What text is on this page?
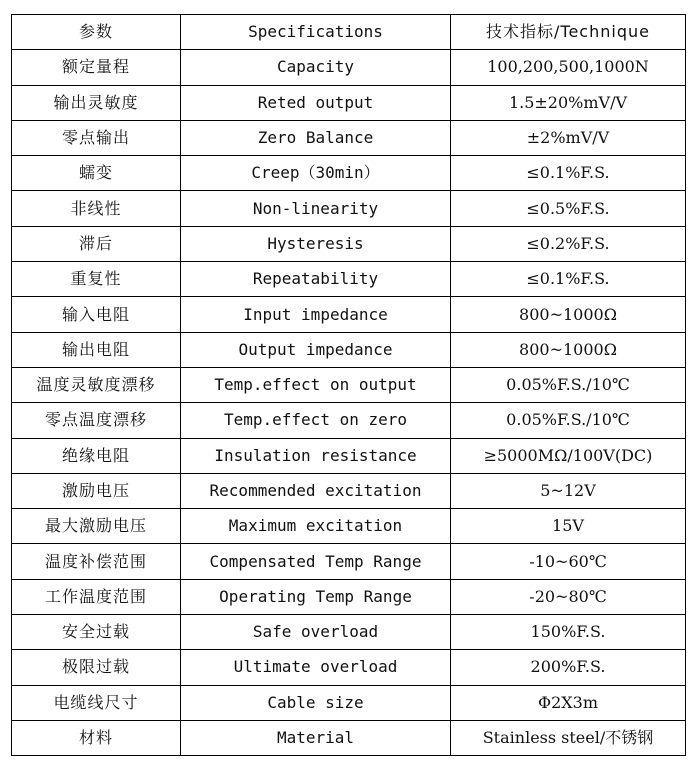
参数	Specifications	技术指标/Technique
额定量程	Capacity	100,200,500,1000N
输出灵敏度	Reted output	1.5±20%mV/V
零点输出	Zero Balance	±2%mV/V
蠕变	Creep（30min）	≤0.1%F.S.
非线性	Non-linearity	≤0.5%F.S.
滞后	Hysteresis	≤0.2%F.S.
重复性	Repeatability	≤0.1%F.S.
输入电阻	Input impedance	800~1000Ω
输出电阻	Output impedance	800~1000Ω
温度灵敏度漂移	Temp.effect on output	0.05%F.S./10℃
零点温度漂移	Temp.effect on zero	0.05%F.S./10℃
绝缘电阻	Insulation resistance	≥5000MΩ/100V(DC)
激励电压	Recommended excitation	5~12V
最大激励电压	Maximum excitation	15V
温度补偿范围	Compensated Temp Range	-10~60℃
工作温度范围	Operating Temp Range	-20~80℃
安全过载	Safe overload	150%F.S.
极限过载	Ultimate overload	200%F.S.
电缆线尺寸	Cable size	Φ2X3m
材料	Material	Stainless steel/不锈钢
